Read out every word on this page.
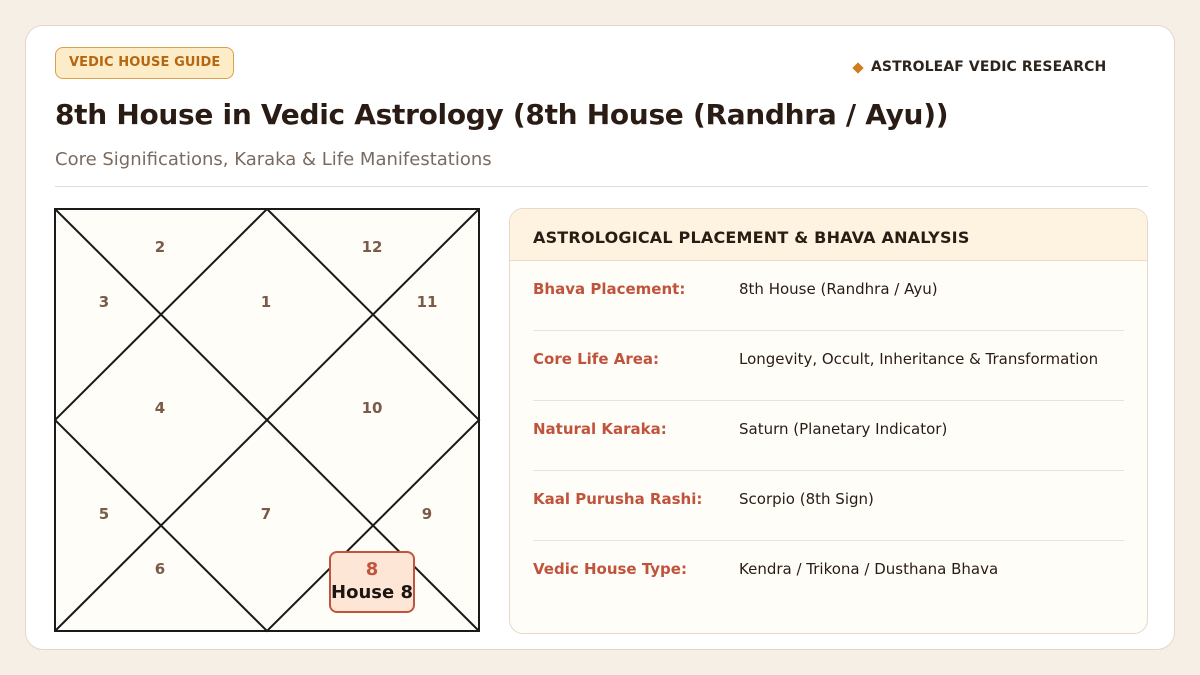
VEDIC HOUSE GUIDE	ASTROLEAF VEDIC RESEARCH
8th House in Vedic Astrology (8th House (Randhra / Ayu))
Core Significations, Karaka & Life Manifestations
1
2
3
4
5
6
7	9
10
11
12
8
House 8
ASTROLOGICAL PLACEMENT & BHAVA ANALYSIS
Bhava Placement:	8th House (Randhra / Ayu)
Core Life Area:	Longevity, Occult, Inheritance & Transformation
Natural Karaka:	Saturn (Planetary Indicator)
Kaal Purusha Rashi: Scorpio (8th Sign)
Vedic House Type:	Kendra / Trikona / Dusthana Bhava
